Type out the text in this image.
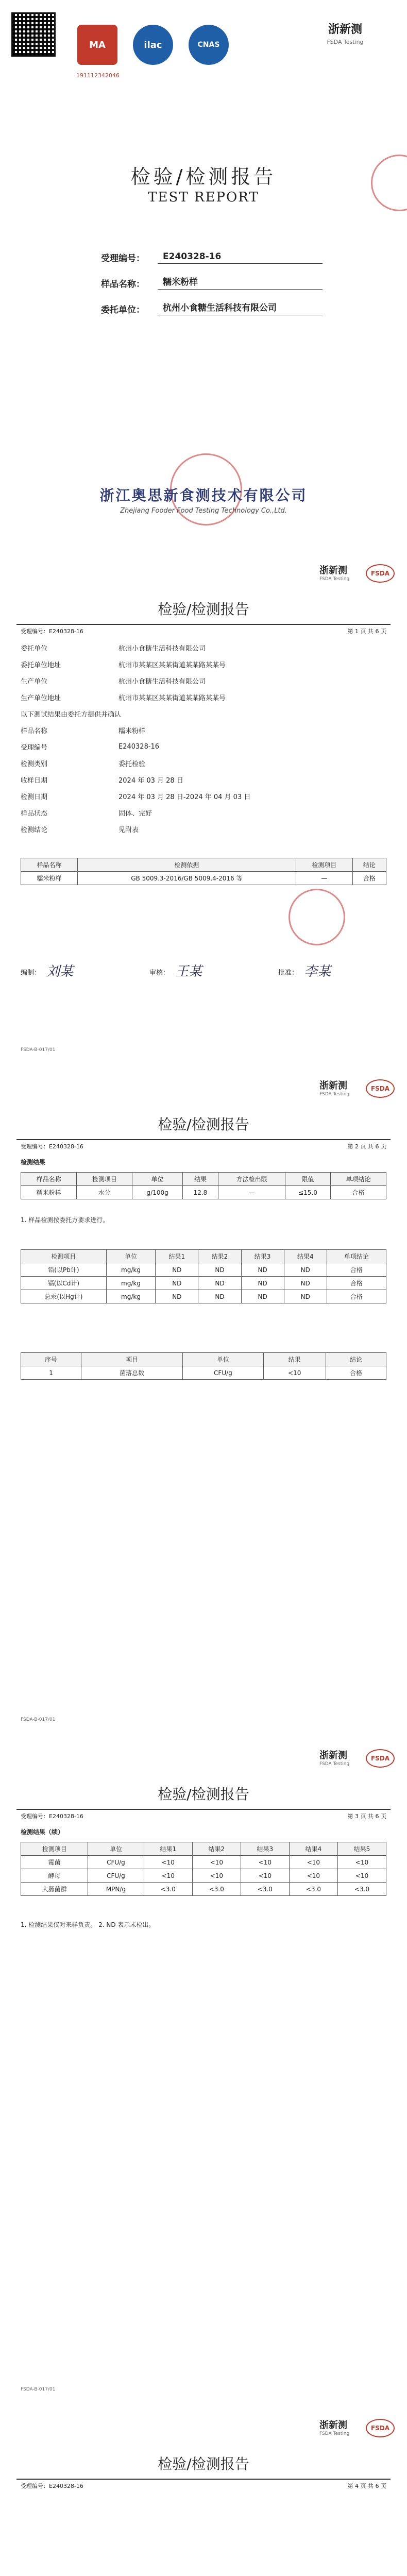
MA	ilac	CNAS
191112342046
浙新测
FSDA Testing
检验/检测报告
TEST REPORT
受理编号：	E240328-16
样品名称：	糯米粉样
委托单位：	杭州小食糖生活科技有限公司
浙江奥思新食测技术有限公司
Zhejiang Fooder Food Testing Technology Co.,Ltd.
浙新测
FSDA Testing
FSDA
检验/检测报告
受理编号：E240328-16	第 1 页 共 6 页
委托单位	杭州小食糖生活科技有限公司
委托单位地址	杭州市某某区某某街道某某路某某号
生产单位	杭州小食糖生活科技有限公司
生产单位地址	杭州市某某区某某街道某某路某某号
以下测试结果由委托方提供并确认
样品名称	糯米粉样
受理编号	E240328-16
检测类别	委托检验
收样日期	2024 年 03 月 28 日
检测日期	2024 年 03 月 28 日-2024 年 04 月 03 日
样品状态	固体、完好
检测结论	见附表
样品名称	检测依据	检测项目	结论
糯米粉样	GB 5009.3-2016/GB 5009.4-2016 等	—	合格
编制： 刘某	审核： 王某	批准： 李某
FSDA-B-017/01
浙新测
FSDA Testing
FSDA
检验/检测报告
受理编号：E240328-16	第 2 页 共 6 页
检测结果
样品名称	检测项目	单位	结果	方法检出限	限值	单项结论
糯米粉样	水分	g/100g	12.8	—	≤15.0	合格
1. 样品检测按委托方要求进行。
检测项目	单位	结果1	结果2	结果3	结果4	单项结论
铅(以Pb计)	mg/kg	ND	ND	ND	ND	合格
镉(以Cd计)	mg/kg	ND	ND	ND	ND	合格
总汞(以Hg计)	mg/kg	ND	ND	ND	ND	合格
序号	项目	单位	结果	结论
1	菌落总数	CFU/g	<10	合格
FSDA-B-017/01
浙新测
FSDA Testing
FSDA
检验/检测报告
受理编号：E240328-16	第 3 页 共 6 页
检测结果（续）
检测项目	单位	结果1	结果2	结果3	结果4	结果5
霉菌	CFU/g	<10	<10	<10	<10	<10
酵母	CFU/g	<10	<10	<10	<10	<10
大肠菌群	MPN/g	<3.0	<3.0	<3.0	<3.0	<3.0
1. 检测结果仅对来样负责。 2. ND 表示未检出。
FSDA-B-017/01
浙新测
FSDA Testing
FSDA
检验/检测报告
受理编号：E240328-16	第 4 页 共 6 页
